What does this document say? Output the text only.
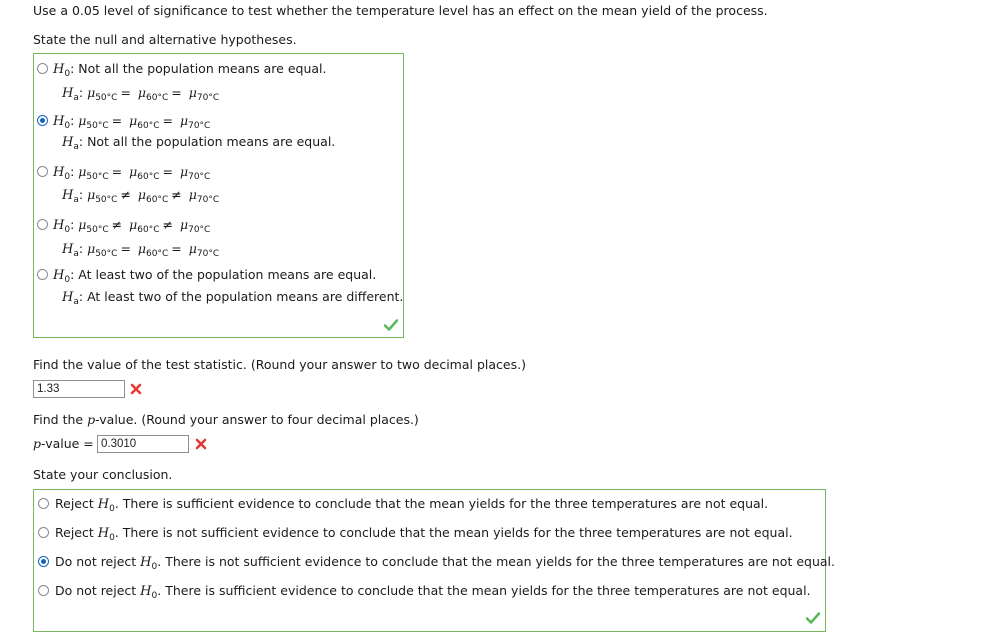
Use a 0.05 level of significance to test whether the temperature level has an effect on the mean yield of the process.
State the null and alternative hypotheses.
$H_0$: Not all the population means are equal.
$H_a$: $\mu_{50^\circ C} = \mu_{60^\circ C} = \mu_{70^\circ C}$
$H_0$: $\mu_{50^\circ C} = \mu_{60^\circ C} = \mu_{70^\circ C}$
$H_a$: Not all the population means are equal.
$H_0$: $\mu_{50^\circ C} = \mu_{60^\circ C} = \mu_{70^\circ C}$
$H_a$: $\mu_{50^\circ C} \ne \mu_{60^\circ C} \ne \mu_{70^\circ C}$
$H_0$: $\mu_{50^\circ C} \ne \mu_{60^\circ C} \ne \mu_{70^\circ C}$
$H_a$: $\mu_{50^\circ C} = \mu_{60^\circ C} = \mu_{70^\circ C}$
$H_0$: At least two of the population means are equal.
$H_a$: At least two of the population means are different.
Find the value of the test statistic. (Round your answer to two decimal places.)
1.33
Find the p-value. (Round your answer to four decimal places.)
p-value = 0.3010
State your conclusion.
Reject $H_0$. There is sufficient evidence to conclude that the mean yields for the three temperatures are not equal.
Reject $H_0$. There is not sufficient evidence to conclude that the mean yields for the three temperatures are not equal.
Do not reject $H_0$. There is not sufficient evidence to conclude that the mean yields for the three temperatures are not equal.
Do not reject $H_0$. There is sufficient evidence to conclude that the mean yields for the three temperatures are not equal.
